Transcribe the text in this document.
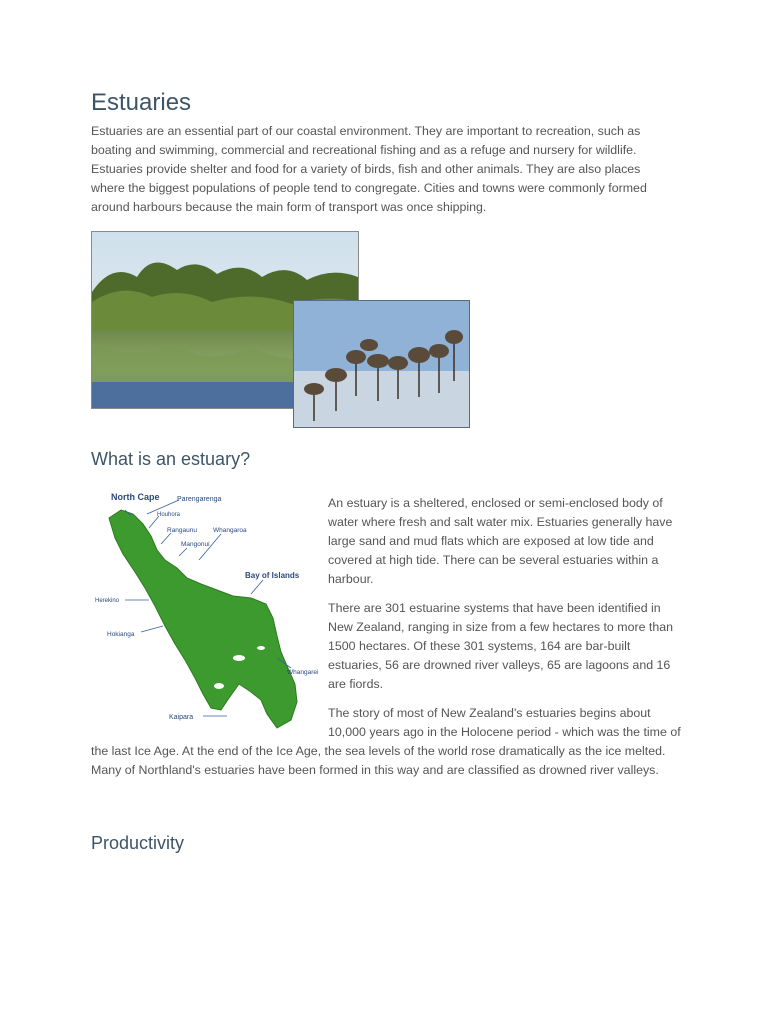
Estuaries

Estuaries are an essential part of our coastal environment. They are important to recreation, such as boating and swimming, commercial and recreational fishing and as a refuge and nursery for wildlife. Estuaries provide shelter and food for a variety of birds, fish and other animals. They are also places where the biggest populations of people tend to congregate. Cities and towns were commonly formed around harbours because the main form of transport was once shipping.

What is an estuary?
North Cape Parengarenga
Houhora
Rangaunu Whangaroa
Mangonui
Bay of Islands
Herekino
Hokianga
Whangarei
Kaipara

An estuary is a sheltered, enclosed or semi-enclosed body of water where fresh and salt water mix. Estuaries generally have large sand and mud flats which are exposed at low tide and covered at high tide. There can be several estuaries within a harbour.

There are 301 estuarine systems that have been identified in New Zealand, ranging in size from a few hectares to more than 1500 hectares. Of these 301 systems, 164 are bar-built estuaries, 56 are drowned river valleys, 65 are lagoons and 16 are fiords.

The story of most of New Zealand's estuaries begins about 10,000 years ago in the Holocene period - which was the time of the last Ice Age. At the end of the Ice Age, the sea levels of the world rose dramatically as the ice melted. Many of Northland's estuaries have been formed in this way and are classified as drowned river valleys.

Productivity
